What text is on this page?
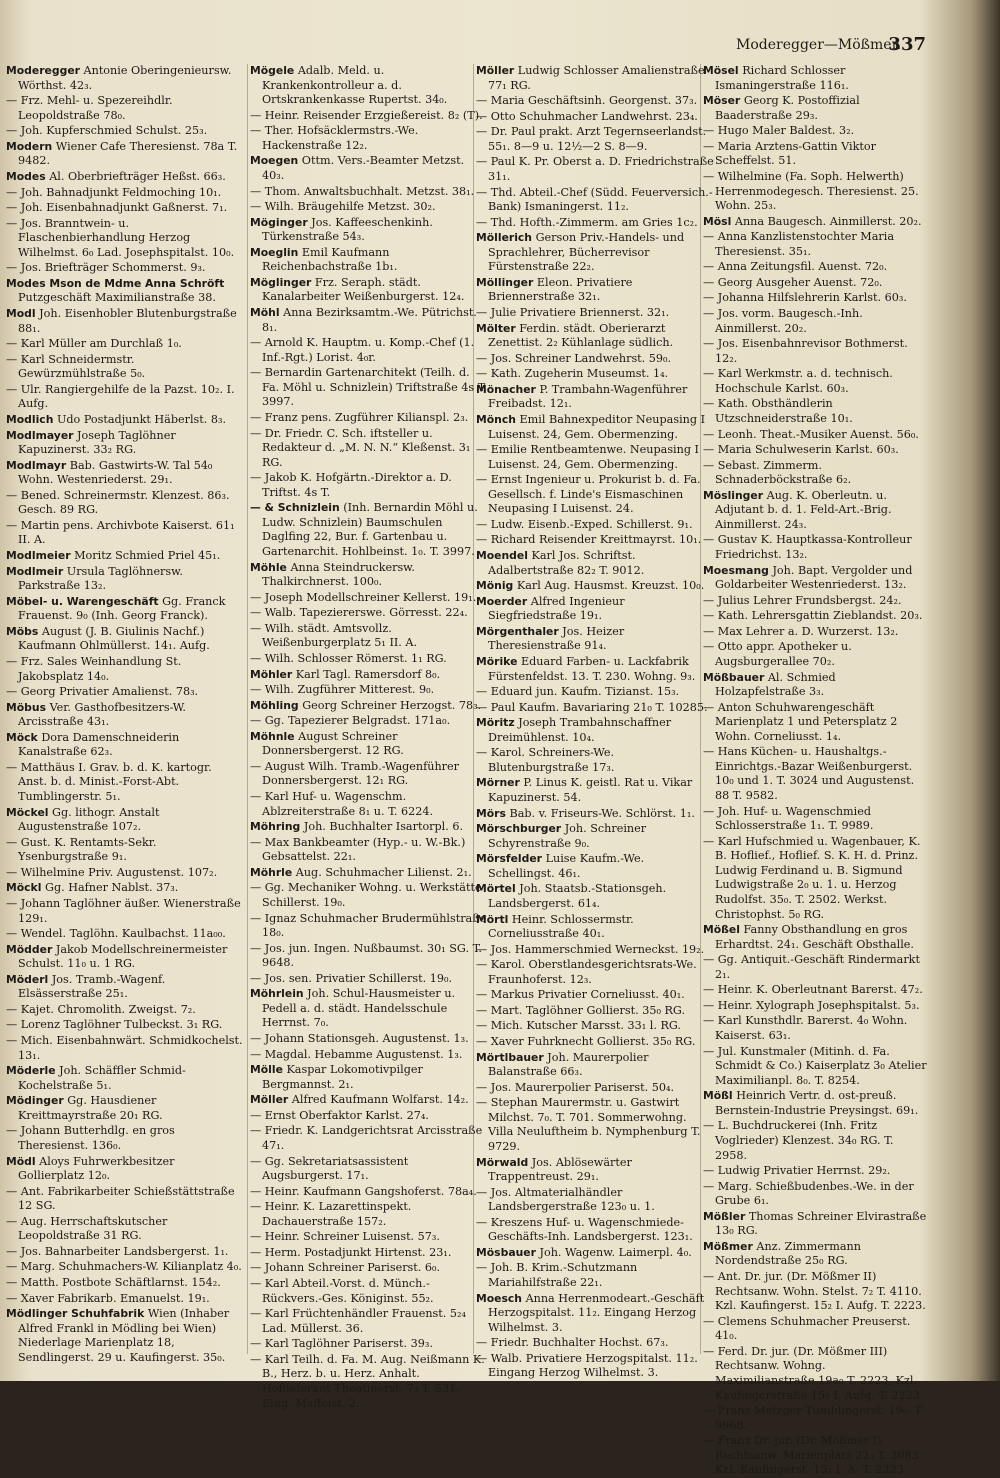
Moderegger—Mößmer.
337
Moderegger Antonie Oberingenieursw. Wörthst. 42₃.
— Frz. Mehl- u. Spezereihdlr. Leopoldstraße 78₀.
— Joh. Kupferschmied Schulst. 25₃.
Modern Wiener Cafe Theresienst. 78a T. 9482.
Modes Al. Oberbriefträger Heßst. 66₃.
— Joh. Bahnadjunkt Feldmoching 10₁.
— Joh. Eisenbahnadjunkt Gaßnerst. 7₁.
— Jos. Branntwein- u. Flaschenbierhandlung Herzog Wilhelmst. 6₀ Lad. Josephspitalst. 10₀.
— Jos. Briefträger Schommerst. 9₃.
Modes Mson de Mdme Anna Schröft Putzgeschäft Maximilianstraße 38.
Modl Joh. Eisenhobler Blutenburgstraße 88₁.
— Karl Müller am Durchlaß 1₀.
— Karl Schneidermstr. Gewürzmühlstraße 5₀.
— Ulr. Rangiergehilfe de la Pazst. 10₂. I. Aufg.
Modlich Udo Postadjunkt Häberlst. 8₃.
Modlmayer Joseph Taglöhner Kapuzinerst. 33₂ RG.
Modlmayr Bab. Gastwirts-W. Tal 54₀ Wohn. Westenriederst. 29₁.
— Bened. Schreinermstr. Klenzest. 86₃. Gesch. 89 RG.
— Martin pens. Archivbote Kaiserst. 61₁ II. A.
Modlmeier Moritz Schmied Priel 45₁.
Modlmeir Ursula Taglöhnersw. Parkstraße 13₂.
Möbel- u. Warengeschäft Gg. Franck Frauenst. 9₀ (Inh. Georg Franck).
Möbs August (J. B. Giulinis Nachf.) Kaufmann Ohlmüllerst. 14₁. Aufg.
— Frz. Sales Weinhandlung St. Jakobsplatz 14₀.
— Georg Privatier Amalienst. 78₃.
Möbus Ver. Gasthofbesitzers-W. Arcisstraße 43₁.
Möck Dora Damenschneiderin Kanalstraße 62₃.
— Matthäus I. Grav. b. d. K. kartogr. Anst. b. d. Minist.-Forst-Abt. Tumblingerstr. 5₁.
Möckel Gg. lithogr. Anstalt Augustenstraße 107₂.
— Gust. K. Rentamts-Sekr. Ysenburgstraße 9₁.
— Wilhelmine Priv. Augustenst. 107₂.
Möckl Gg. Hafner Nablst. 37₃.
— Johann Taglöhner äußer. Wienerstraße 129₁.
— Wendel. Taglöhn. Kaulbachst. 11a₀₀.
Mödder Jakob Modellschreinermeister Schulst. 11₀ u. 1 RG.
Möderl Jos. Tramb.-Wagenf. Elsässerstraße 25₁.
— Kajet. Chromolith. Zweigst. 7₂.
— Lorenz Taglöhner Tulbeckst. 3₁ RG.
— Mich. Eisenbahnwärt. Schmidkochelst. 13₁.
Möderle Joh. Schäffler Schmid-Kochelstraße 5₁.
Mödinger Gg. Hausdiener Kreittmayrstraße 20₁ RG.
— Johann Butterhdlg. en gros Theresienst. 136₀.
Mödl Aloys Fuhrwerkbesitzer Gollierplatz 12₀.
— Ant. Fabrikarbeiter Schießstättstraße 12 SG.
— Aug. Herrschaftskutscher Leopoldstraße 31 RG.
— Jos. Bahnarbeiter Landsbergerst. 1₁.
— Marg. Schuhmachers-W. Kilianplatz 4₀.
— Matth. Postbote Schäftlarnst. 154₂.
— Xaver Fabrikarb. Emanuelst. 19₁.
Mödlinger Schuhfabrik Wien (Inhaber Alfred Frankl in Mödling bei Wien) Niederlage Marienplatz 18, Sendlingerst. 29 u. Kaufingerst. 35₀.
Mögele Adalb. Meld. u. Krankenkontrolleur a. d. Ortskrankenkasse Rupertst. 34₀.
— Heinr. Reisender Erzgießereist. 8₂ (T).
— Ther. Hofsäcklermstrs.-We. Hackenstraße 12₂.
Moegen Ottm. Vers.-Beamter Metzst. 40₃.
— Thom. Anwaltsbuchhalt. Metzst. 38₁.
— Wilh. Bräugehilfe Metzst. 30₂.
Möginger Jos. Kaffeeschenkinh. Türkenstraße 54₃.
Moeglin Emil Kaufmann Reichenbachstraße 1b₁.
Möglinger Frz. Seraph. städt. Kanalarbeiter Weißenburgerst. 12₄.
Möhl Anna Bezirksamtm.-We. Pütrichst. 8₁.
— Arnold K. Hauptm. u. Komp.-Chef (1. Inf.-Rgt.) Lorist. 4₀r.
— Bernardin Gartenarchitekt (Teilh. d. Fa. Möhl u. Schnizlein) Triftstraße 4s T. 3997.
— Franz pens. Zugführer Kilianspl. 2₃.
— Dr. Friedr. C. Sch. iftsteller u. Redakteur d. „M. N. N.“ Kleßenst. 3₁ RG.
— Jakob K. Hofgärtn.-Direktor a. D. Triftst. 4s T.
— & Schnizlein (Inh. Bernardin Möhl u. Ludw. Schnizlein) Baumschulen Daglfing 22, Bur. f. Gartenbau u. Gartenarchit. Hohlbeinst. 1₀. T. 3997.
Möhle Anna Steindruckersw. Thalkirchnerst. 100₀.
— Joseph Modellschreiner Kellerst. 19₁.
— Walb. Tapeziererswe. Görresst. 22₄.
— Wilh. städt. Amtsvollz. Weißenburgerplatz 5₁ II. A.
— Wilh. Schlosser Römerst. 1₁ RG.
Möhler Karl Tagl. Ramersdorf 8₀.
— Wilh. Zugführer Mitterest. 9₀.
Möhling Georg Schreiner Herzogst. 78₃.
— Gg. Tapezierer Belgradst. 171a₀.
Möhnle August Schreiner Donnersbergerst. 12 RG.
— August Wilh. Tramb.-Wagenführer Donnersbergerst. 12₁ RG.
— Karl Huf- u. Wagenschm. Ablzreiterstraße 8₁ u. T. 6224.
Möhring Joh. Buchhalter Isartorpl. 6.
— Max Bankbeamter (Hyp.- u. W.-Bk.) Gebsattelst. 22₁.
Möhrle Aug. Schuhmacher Lilienst. 2₁.
— Gg. Mechaniker Wohng. u. Werkstätte Schillerst. 19₀.
— Ignaz Schuhmacher Brudermühlstraße 18₀.
— Jos. jun. Ingen. Nußbaumst. 30₁ SG. T. 9648.
— Jos. sen. Privatier Schillerst. 19₀.
Möhrlein Joh. Schul-Hausmeister u. Pedell a. d. städt. Handelsschule Herrnst. 7₀.
— Johann Stationsgeh. Augustenst. 1₃.
— Magdal. Hebamme Augustenst. 1₃.
Mölle Kaspar Lokomotivpilger Bergmannst. 2₁.
Möller Alfred Kaufmann Wolfarst. 14₂.
— Ernst Oberfaktor Karlst. 27₄.
— Friedr. K. Landgerichtsrat Arcisstraße 47₁.
— Gg. Sekretariatsassistent Augsburgerst. 17₁.
— Heinr. Kaufmann Gangshoferst. 78a₄.
— Heinr. K. Lazarettinspekt. Dachauerstraße 157₂.
— Heinr. Schreiner Luisenst. 57₃.
— Herm. Postadjunkt Hirtenst. 23₁.
— Johann Schreiner Pariserst. 6₀.
— Karl Abteil.-Vorst. d. Münch.-Rückvers.-Ges. Königinst. 55₂.
— Karl Früchtenhändler Frauenst. 5₂₄ Lad. Müllerst. 36.
— Karl Taglöhner Pariserst. 39₃.
— Karl Teilh. d. Fa. M. Aug. Neißmann K. B., Herz. b. u. Herz. Anhalt. Hoflieferant Theatinerst. 7₃ T. 531. Eing. Maffeist. 2.
Möller Ludwig Schlosser Amalienstraße 77₁ RG.
— Maria Geschäftsinh. Georgenst. 37₃.
— Otto Schuhmacher Landwehrst. 23₄.
— Dr. Paul prakt. Arzt Tegernseerlandst. 55₁. 8—9 u. 12½—2 S. 8—9.
— Paul K. Pr. Oberst a. D. Friedrichstraße 31₁.
— Thd. Abteil.-Chef (Südd. Feuerversich.-Bank) Ismaningerst. 11₂.
— Thd. Hofth.-Zimmerm. am Gries 1c₂.
Möllerich Gerson Priv.-Handels- und Sprachlehrer, Bücherrevisor Fürstenstraße 22₂.
Möllinger Eleon. Privatiere Briennerstraße 32₁.
— Julie Privatiere Briennerst. 32₁.
Mölter Ferdin. städt. Oberierarzt Zenettist. 2₂ Kühlanlage südlich.
— Jos. Schreiner Landwehrst. 59₀.
— Kath. Zugeherin Museumst. 1₄.
Mönacher P. Trambahn-Wagenführer Freibadst. 12₁.
Mönch Emil Bahnexpeditor Neupasing I Luisenst. 24, Gem. Obermenzing.
— Emilie Rentbeamtenwe. Neupasing I Luisenst. 24, Gem. Obermenzing.
— Ernst Ingenieur u. Prokurist b. d. Fa. Gesellsch. f. Linde's Eismaschinen Neupasing I Luisenst. 24.
— Ludw. Eisenb.-Exped. Schillerst. 9₁.
— Richard Reisender Kreittmayrst. 10₁.
Moendel Karl Jos. Schriftst. Adalbertstraße 82₂ T. 9012.
Mönig Karl Aug. Hausmst. Kreuzst. 10₀.
Moerder Alfred Ingenieur Siegfriedstraße 19₁.
Mörgenthaler Jos. Heizer Theresienstraße 91₄.
Mörike Eduard Farben- u. Lackfabrik Fürstenfeldst. 13. T. 230. Wohng. 9₃.
— Eduard jun. Kaufm. Tizianst. 15₃.
— Paul Kaufm. Bavariaring 21₀ T. 10285.
Möritz Joseph Trambahnschaffner Dreimühlenst. 10₄.
— Karol. Schreiners-We. Blutenburgstraße 17₃.
Mörner P. Linus K. geistl. Rat u. Vikar Kapuzinerst. 54.
Mörs Bab. v. Friseurs-We. Schlörst. 1₁.
Mörschburger Joh. Schreiner Schyrenstraße 9₀.
Mörsfelder Luise Kaufm.-We. Schellingst. 46₁.
Mörtel Joh. Staatsb.-Stationsgeh. Landsbergerst. 61₄.
Mörtl Heinr. Schlossermstr. Corneliusstraße 40₁.
— Jos. Hammerschmied Werneckst. 19₂.
— Karol. Oberstlandesgerichtsrats-We. Fraunhoferst. 12₃.
— Markus Privatier Corneliusst. 40₁.
— Mart. Taglöhner Gollierst. 35₀ RG.
— Mich. Kutscher Marsst. 33₁ l. RG.
— Xaver Fuhrknecht Gollierst. 35₀ RG.
Mörtlbauer Joh. Maurerpolier Balanstraße 66₃.
— Jos. Maurerpolier Pariserst. 50₄.
— Stephan Maurermstr. u. Gastwirt Milchst. 7₀. T. 701. Sommerwohng. Villa Neuluftheim b. Nymphenburg T. 9729.
Mörwald Jos. Ablösewärter Trappentreust. 29₁.
— Jos. Altmaterialhändler Landsbergerstraße 123₀ u. 1.
— Kreszens Huf- u. Wagenschmiede-Geschäfts-Inh. Landsbergerst. 123₁.
Mösbauer Joh. Wagenw. Laimerpl. 4₀.
— Joh. B. Krim.-Schutzmann Mariahilfstraße 22₁.
Moesch Anna Herrenmodeart.-Geschäft Herzogspitalst. 11₂. Eingang Herzog Wilhelmst. 3.
— Friedr. Buchhalter Hochst. 67₃.
— Walb. Privatiere Herzogspitalst. 11₂. Eingang Herzog Wilhelmst. 3.
Mösel Richard Schlosser Ismaningerstraße 116₁.
Möser Georg K. Postoffizial Baaderstraße 29₃.
— Hugo Maler Baldest. 3₂.
— Maria Arztens-Gattin Viktor Scheffelst. 51.
— Wilhelmine (Fa. Soph. Helwerth) Herrenmodegesch. Theresienst. 25. Wohn. 25₃.
Mösl Anna Baugesch. Ainmillerst. 20₂.
— Anna Kanzlistenstochter Maria Theresienst. 35₁.
— Anna Zeitungsfil. Auenst. 72₀.
— Georg Ausgeher Auenst. 72₀.
— Johanna Hilfslehrerin Karlst. 60₃.
— Jos. vorm. Baugesch.-Inh. Ainmillerst. 20₂.
— Jos. Eisenbahnrevisor Bothmerst. 12₂.
— Karl Werkmstr. a. d. technisch. Hochschule Karlst. 60₃.
— Kath. Obsthändlerin Utzschneiderstraße 10₁.
— Leonh. Theat.-Musiker Auenst. 56₀.
— Maria Schulweserin Karlst. 60₃.
— Sebast. Zimmerm. Schnaderböckstraße 6₂.
Möslinger Aug. K. Oberleutn. u. Adjutant b. d. 1. Feld-Art.-Brig. Ainmillerst. 24₃.
— Gustav K. Hauptkassa-Kontrolleur Friedrichst. 13₂.
Moesmang Joh. Bapt. Vergolder und Goldarbeiter Westenriederst. 13₂.
— Julius Lehrer Frundsbergst. 24₂.
— Kath. Lehrersgattin Zieblandst. 20₃.
— Max Lehrer a. D. Wurzerst. 13₂.
— Otto appr. Apotheker u. Augsburgerallee 70₂.
Mößbauer Al. Schmied Holzapfelstraße 3₃.
— Anton Schuhwarengeschäft Marienplatz 1 und Petersplatz 2 Wohn. Corneliusst. 1₄.
— Hans Küchen- u. Haushaltgs.-Einrichtgs.-Bazar Weißenburgerst. 10₀ und 1. T. 3024 und Augustenst. 88 T. 9582.
— Joh. Huf- u. Wagenschmied Schlosserstraße 1₁. T. 9989.
— Karl Hufschmied u. Wagenbauer, K. B. Hoflief., Hoflief. S. K. H. d. Prinz. Ludwig Ferdinand u. B. Sigmund Ludwigstraße 2₀ u. 1. u. Herzog Rudolfst. 35₀. T. 2502. Werkst. Christophst. 5₀ RG.
Mößel Fanny Obsthandlung en gros Erhardtst. 24₁. Geschäft Obsthalle.
— Gg. Antiquit.-Geschäft Rindermarkt 2₁.
— Heinr. K. Oberleutnant Barerst. 47₂.
— Heinr. Xylograph Josephspitalst. 5₃.
— Karl Kunsthdlr. Barerst. 4₀ Wohn. Kaiserst. 63₁.
— Jul. Kunstmaler (Mitinh. d. Fa. Schmidt & Co.) Kaiserplatz 3₀ Atelier Maximilianpl. 8₀. T. 8254.
Mößl Heinrich Vertr. d. ost-preuß. Bernstein-Industrie Preysingst. 69₁.
— L. Buchdruckerei (Inh. Fritz Voglrieder) Klenzest. 34₀ RG. T. 2958.
— Ludwig Privatier Herrnst. 29₂.
— Marg. Schießbudenbes.-We. in der Grube 6₁.
Mößler Thomas Schreiner Elvirastraße 13₀ RG.
Mößmer Anz. Zimmermann Nordendstraße 25₀ RG.
— Ant. Dr. jur. (Dr. Mößmer II) Rechtsanw. Wohn. Stelst. 7₂ T. 4110. Kzl. Kaufingerst. 15₂ I. Aufg. T. 2223.
— Clemens Schuhmacher Preuserst. 41₀.
— Ferd. Dr. jur. (Dr. Mößmer III) Rechtsanw. Wohng. Maximilianstraße 19a₀ T. 2223, Kzl. Kaufingerstraße 15₂ I. Aufg. T. 2223.
— Franz Metzger Tumblingerst. 19₀. T. 9968.
— Franz Dr. jur. (Dr. Mößmer I) Rechtsanw. Marienplatz 22₃ T. 3083 Kzl. Kaufingerst. 15₂ I. A. T. 2223.
